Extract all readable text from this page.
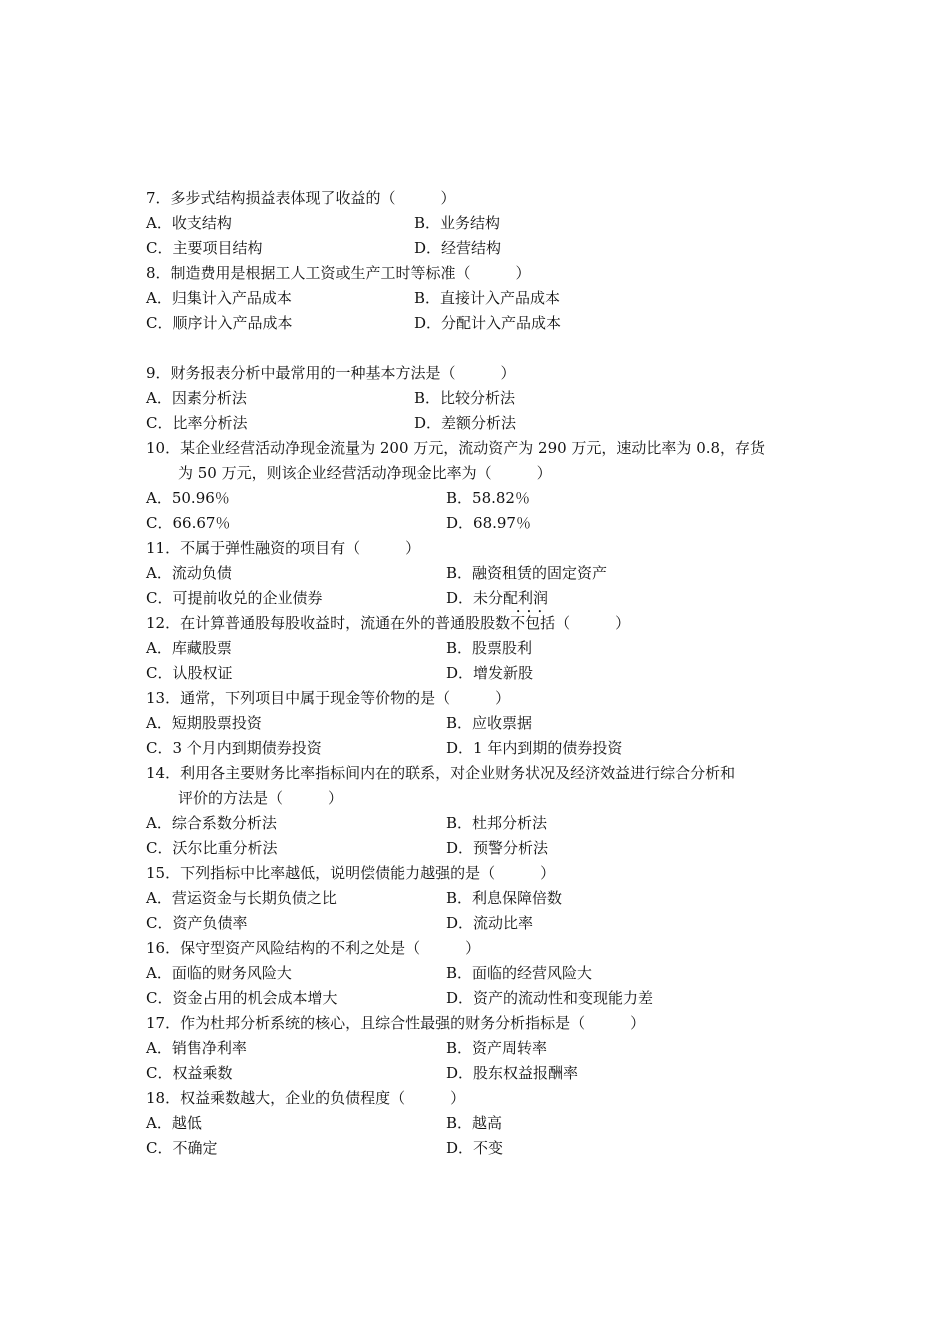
7．多步式结构损益表体现了收益的（　　　）
A．收支结构	B．业务结构
C．主要项目结构	D．经营结构
8．制造费用是根据工人工资或生产工时等标准（　　　）
A．归集计入产品成本	B．直接计入产品成本
C．顺序计入产品成本	D．分配计入产品成本
9．财务报表分析中最常用的一种基本方法是（　　　）
A．因素分析法	B．比较分析法
C．比率分析法	D．差额分析法
10．某企业经营活动净现金流量为 200 万元，流动资产为 290 万元，速动比率为 0.8，存货
为 50 万元，则该企业经营活动净现金比率为（　　　）
A．50.96％	B．58.82％
C．66.67％	D．68.97％
11．不属于弹性融资的项目有（　　　）
A．流动负债	B．融资租赁的固定资产
C．可提前收兑的企业债券	D．未分配利润
12．在计算普通股每股收益时，流通在外的普通股股数•   • 不包括（　　　）
A．库藏股票	B．股票股利
C．认股权证	D．增发新股
13．通常，下列项目中属于现金等价物的是（　　　）
A．短期股票投资	B．应收票据
C．3 个月内到期债券投资	D．1 年内到期的债券投资
14．利用各主要财务比率指标间内在的联系，对企业财务状况及经济效益进行综合分析和
评价的方法是（　　　）
A．综合系数分析法	B．杜邦分析法
C．沃尔比重分析法	D．预警分析法
15．下列指标中比率越低，说明偿债能力越强的是（　　　）
A．营运资金与长期负债之比	B．利息保障倍数
C．资产负债率	D．流动比率
16．保守型资产风险结构的不利之处是（　　　）
A．面临的财务风险大	B．面临的经营风险大
C．资金占用的机会成本增大	D．资产的流动性和变现能力差
17．作为杜邦分析系统的核心，且综合性最强的财务分析指标是（　　　）
A．销售净利率	B．资产周转率
C．权益乘数	D．股东权益报酬率
18．权益乘数越大，企业的负债程度（　　　）
A．越低	B．越高
C．不确定	D．不变
